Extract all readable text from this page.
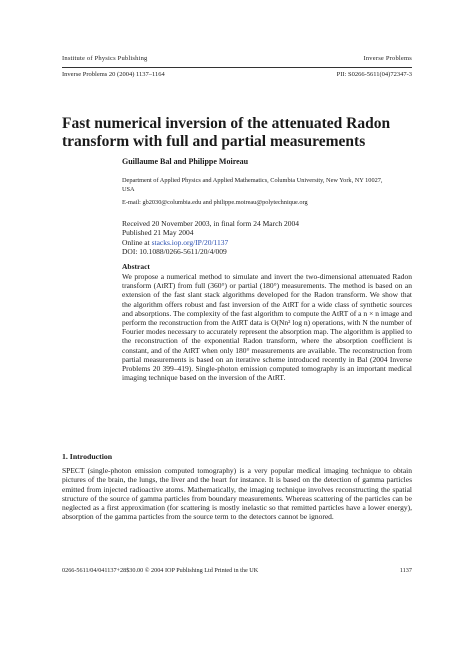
Institute of Physics Publishing	Inverse Problems
Inverse Problems 20 (2004) 1137–1164	PII: S0266-5611(04)72347-3
Fast numerical inversion of the attenuated Radon transform with full and partial measurements
Guillaume Bal and Philippe Moireau
Department of Applied Physics and Applied Mathematics, Columbia University, New York, NY 10027, USA
E-mail: gb2030@columbia.edu and philippe.moireau@polytechnique.org
Received 20 November 2003, in final form 24 March 2004
Published 21 May 2004
Online at stacks.iop.org/IP/20/1137
DOI: 10.1088/0266-5611/20/4/009
Abstract
We propose a numerical method to simulate and invert the two-dimensional attenuated Radon transform (AtRT) from full (360°) or partial (180°) measurements. The method is based on an extension of the fast slant stack algorithms developed for the Radon transform. We show that the algorithm offers robust and fast inversion of the AtRT for a wide class of synthetic sources and absorptions. The complexity of the fast algorithm to compute the AtRT of a n × n image and perform the reconstruction from the AtRT data is O(Nn² log n) operations, with N the number of Fourier modes necessary to accurately represent the absorption map. The algorithm is applied to the reconstruction of the exponential Radon transform, where the absorption coefficient is constant, and of the AtRT when only 180° measurements are available. The reconstruction from partial measurements is based on an iterative scheme introduced recently in Bal (2004 Inverse Problems 20 399–419). Single-photon emission computed tomography is an important medical imaging technique based on the inversion of the AtRT.
1. Introduction
SPECT (single-photon emission computed tomography) is a very popular medical imaging technique to obtain pictures of the brain, the lungs, the liver and the heart for instance. It is based on the detection of gamma particles emitted from injected radioactive atoms. Mathematically, the imaging technique involves reconstructing the spatial structure of the source of gamma particles from boundary measurements. Whereas scattering of the particles can be neglected as a first approximation (for scattering is mostly inelastic so that remitted particles have a lower energy), absorption of the gamma particles from the source term to the detectors cannot be ignored.
0266-5611/04/041137+28$30.00 © 2004 IOP Publishing Ltd Printed in the UK	1137
